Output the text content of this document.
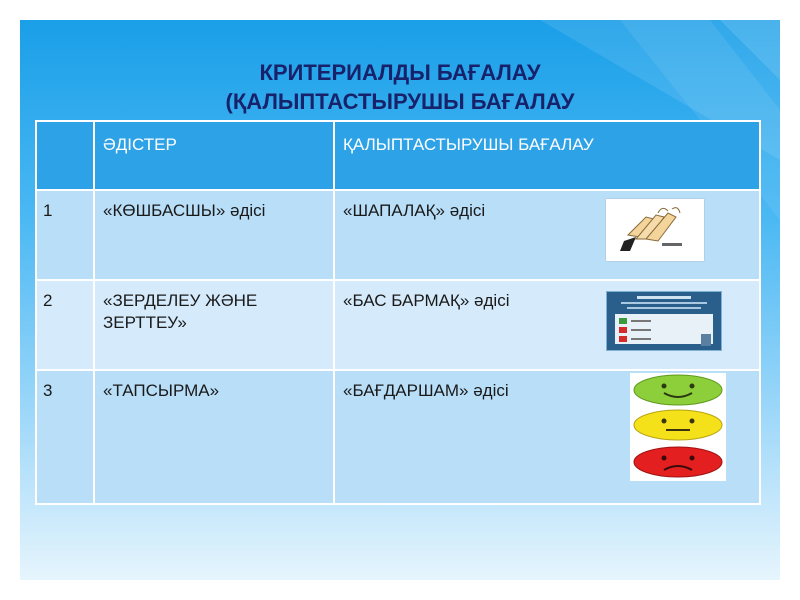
КРИТЕРИАЛДЫ БАҒАЛАУ
(ҚАЛЫПТАСТЫРУШЫ БАҒАЛАУ
	ӘДІСТЕР	ҚАЛЫПТАСТЫРУШЫ БАҒАЛАУ
1	«КӨШБАСШЫ» әдісі	«ШАПАЛАҚ» әдісі

2	«ЗЕРДЕЛЕУ ЖӘНЕ ЗЕРТТЕУ»	«БАС БАРМАҚ» әдісі

3	«ТАПСЫРМА»	«БАҒДАРШАМ» әдісі
